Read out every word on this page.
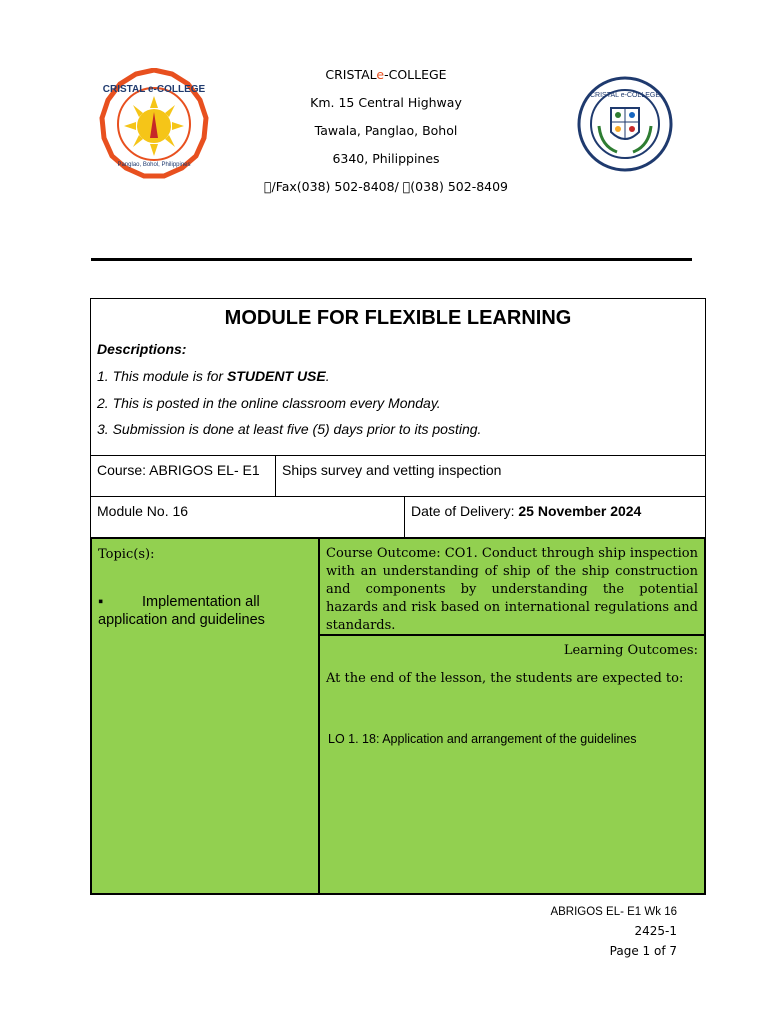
CRISTAL e-COLLEGE
Panglao, Bohol, Philippines
CRISTALe-COLLEGE
Km. 15 Central Highway
Tawala, Panglao, Bohol
6340, Philippines
 /Fax(038) 502-8408/  (038) 502-8409
CRISTAL e-COLLEGE
MODULE FOR FLEXIBLE LEARNING
Descriptions:
1. This module is for STUDENT USE.
2. This is posted in the online classroom every Monday.
3. Submission is done at least five (5) days prior to its posting.
Course: ABRIGOS EL- E1 Ships survey and vetting inspection
Module No. 16	Date of Delivery: 25 November 2024
Topic(s):
▪	Implementation all application and guidelines
Course Outcome: CO1. Conduct through ship inspection with an understanding of ship of the ship construction and components by understanding the potential hazards and risk based on international regulations and standards.
Learning Outcomes:
At the end of the lesson, the students are expected to:
LO 1. 18: Application and arrangement of the guidelines
ABRIGOS EL- E1 Wk 16
2425-1
Page 1 of 7
